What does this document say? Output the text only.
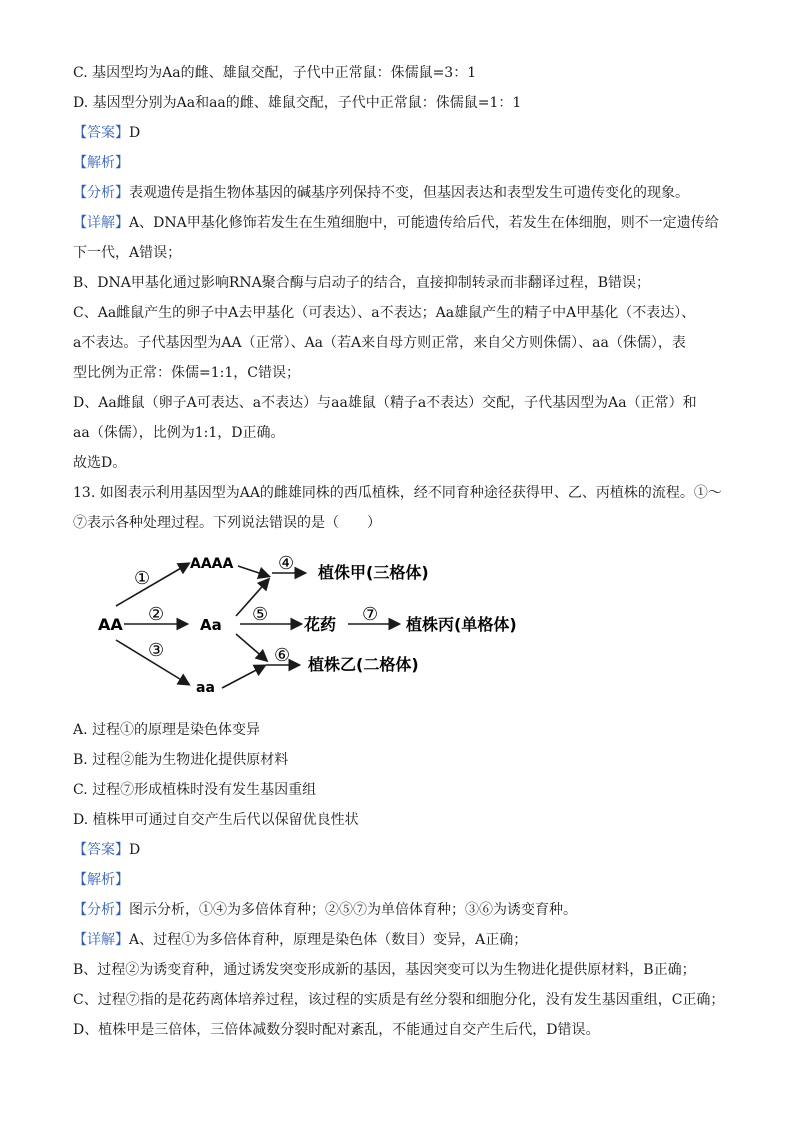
C. 基因型均为Aa的雌、雄鼠交配，子代中正常鼠：侏儒鼠=3：1
D. 基因型分别为Aa和aa的雌、雄鼠交配，子代中正常鼠：侏儒鼠=1：1
【答案】D
【解析】
【分析】表观遗传是指生物体基因的碱基序列保持不变，但基因表达和表型发生可遗传变化的现象。
【详解】A、DNA甲基化修饰若发生在生殖细胞中，可能遗传给后代，若发生在体细胞，则不一定遗传给
下一代，A错误；
B、DNA甲基化通过影响RNA聚合酶与启动子的结合，直接抑制转录而非翻译过程，B错误；
C、Aa雌鼠产生的卵子中A去甲基化（可表达）、a不表达；Aa雄鼠产生的精子中A甲基化（不表达）、
a不表达。子代基因型为AA（正常）、Aa（若A来自母方则正常，来自父方则侏儒）、aa（侏儒），表
型比例为正常：侏儒=1:1，C错误；
D、Aa雌鼠（卵子A可表达、a不表达）与aa雄鼠（精子a不表达）交配，子代基因型为Aa（正常）和
aa（侏儒），比例为1:1，D正确。
故选D。
13. 如图表示利用基因型为AA的雌雄同株的西瓜植株，经不同育种途径获得甲、乙、丙植株的流程。①～
⑦表示各种处理过程。下列说法错误的是（　　）
AA
AAAA
Aa
aa
①
②
③
④
⑤
⑥
⑦
植侏甲(三格体)
花药	植株丙(单格体)
植株乙(二格体)
A. 过程①的原理是染色体变异
B. 过程②能为生物进化提供原材料
C. 过程⑦形成植株时没有发生基因重组
D. 植株甲可通过自交产生后代以保留优良性状
【答案】D
【解析】
【分析】图示分析，①④为多倍体育种；②⑤⑦为单倍体育种；③⑥为诱变育种。
【详解】A、过程①为多倍体育种，原理是染色体（数目）变异，A正确；
B、过程②为诱变育种，通过诱发突变形成新的基因，基因突变可以为生物进化提供原材料，B正确；
C、过程⑦指的是花药离体培养过程，该过程的实质是有丝分裂和细胞分化，没有发生基因重组，C正确；
D、植株甲是三倍体，三倍体减数分裂时配对紊乱，不能通过自交产生后代，D错误。
